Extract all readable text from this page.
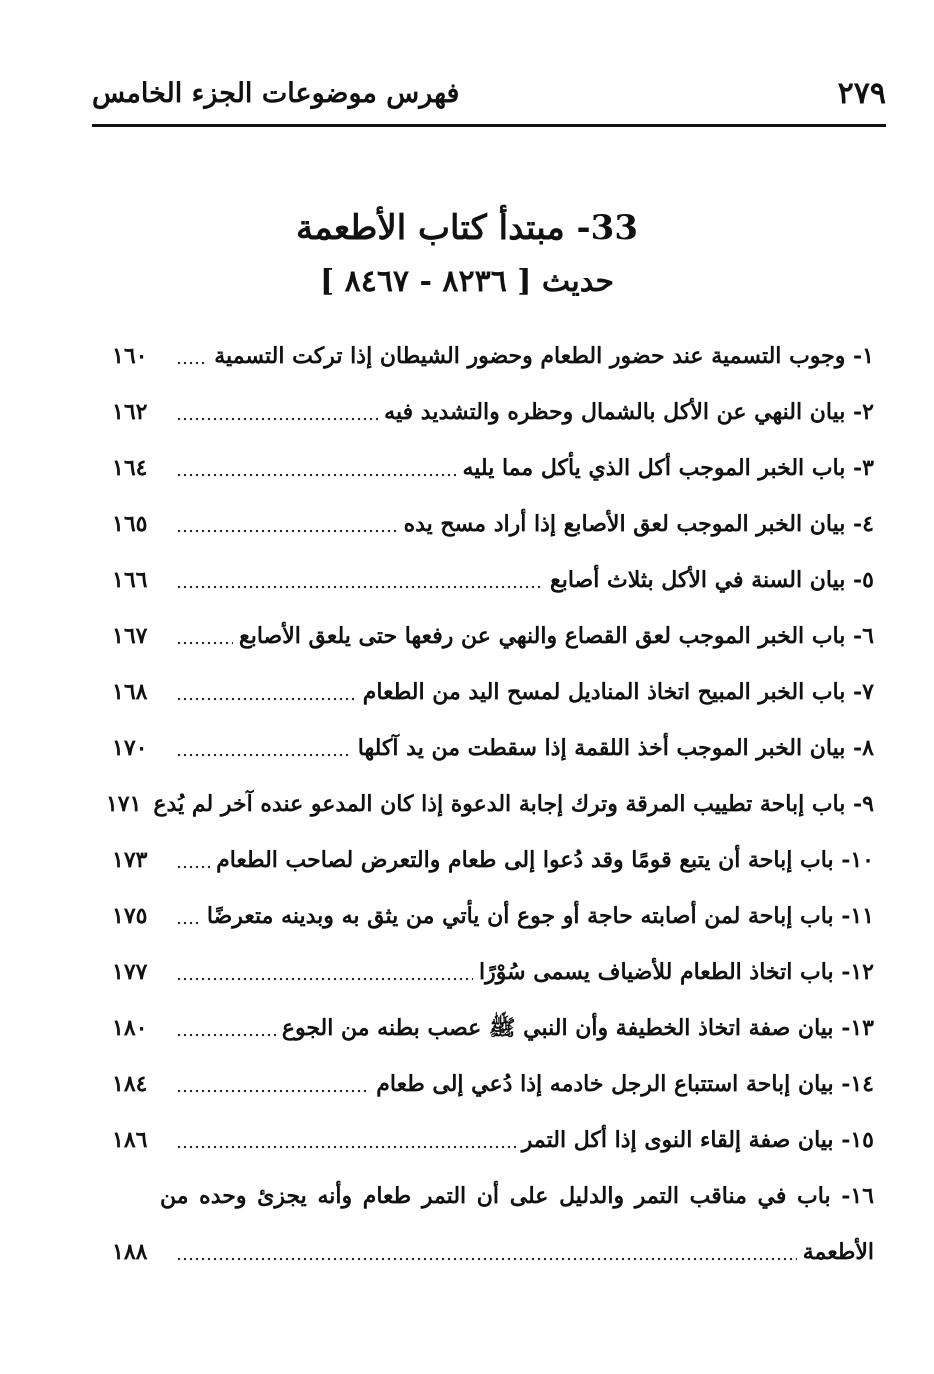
٢٧٩
فهرس موضوعات الجزء الخامس
33- مبتدأ كتاب الأطعمة
حديث [ ٨٢٣٦ - ٨٤٦٧ ]
١- وجوب التسمية عند حضور الطعام وحضور الشيطان إذا تركت التسمية
١٦٠
٢- بيان النهي عن الأكل بالشمال وحظره والتشديد فيه
١٦٢
٣- باب الخبر الموجب أكل الذي يأكل مما يليه
١٦٤
٤- بيان الخبر الموجب لعق الأصابع إذا أراد مسح يده
١٦٥
٥- بيان السنة في الأكل بثلاث أصابع
١٦٦
٦- باب الخبر الموجب لعق القصاع والنهي عن رفعها حتى يلعق الأصابع
١٦٧
٧- باب الخبر المبيح اتخاذ المناديل لمسح اليد من الطعام
١٦٨
٨- بيان الخبر الموجب أخذ اللقمة إذا سقطت من يد آكلها
١٧٠
٩- باب إباحة تطييب المرقة وترك إجابة الدعوة إذا كان المدعو عنده آخر لم يُدع
١٧١
١٠- باب إباحة أن يتبع قومًا وقد دُعوا إلى طعام والتعرض لصاحب الطعام
١٧٣
١١- باب إباحة لمن أصابته حاجة أو جوع أن يأتي من يثق به وبدينه متعرضًا
١٧٥
١٢- باب اتخاذ الطعام للأضياف يسمى سُوْرًا
١٧٧
١٣- بيان صفة اتخاذ الخطيفة وأن النبي ﷺ عصب بطنه من الجوع
١٨٠
١٤- بيان إباحة استتباع الرجل خادمه إذا دُعي إلى طعام
١٨٤
١٥- بيان صفة إلقاء النوى إذا أكل التمر
١٨٦
١٦- باب في مناقب التمر والدليل على أن التمر طعام وأنه يجزئ وحده من
الأطعمة
١٨٨
